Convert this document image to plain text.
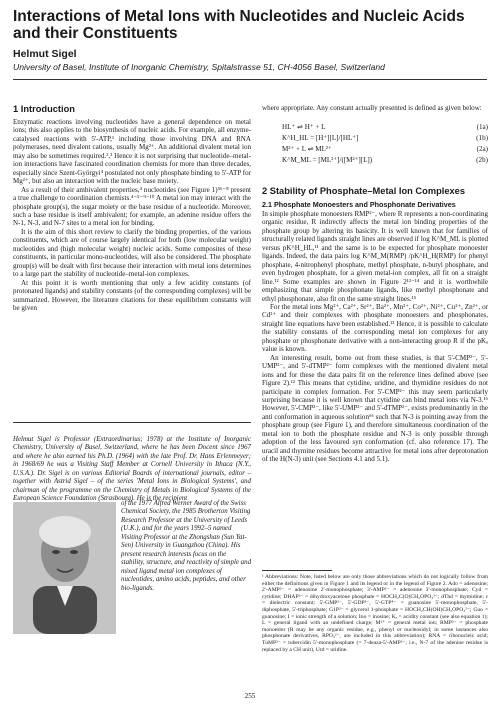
Interactions of Metal Ions with Nucleotides and Nucleic Acids and their Constituents
Helmut Sigel
University of Basel, Institute of Inorganic Chemistry, Spitalstrasse 51, CH-4056 Basel, Switzerland
1 Introduction

Enzymatic reactions involving nucleotides have a general dependence on metal ions; this also applies to the biosynthesis of nucleic acids. For example, all enzyme-catalysed reactions with 5'-ATP,¹ including those involving DNA and RNA polymerases, need divalent cations, usually Mg²⁺. An additional divalent metal ion may also be sometimes required.²,³ Hence it is not surprising that nucleotide–metal-ion interactions have fascinated coordination chemists for more than three decades, especially since Szent-Györgyi⁴ postulated not only phosphate binding to 5'-ATP for Mg²⁺, but also an interaction with the nucleic base moiety.

As a result of their ambivalent properties,⁴ nucleotides (see Figure 1)⁵⁶⁻⁸ present a true challenge to coordination chemists.⁴⁻⁵⁻⁹⁻¹⁰ A metal ion may interact with the phosphate group(s), the sugar moiety or the base residue of a nucleotide. Moreover, such a base residue is itself ambivalent; for example, an adenine residue offers the N-1, N-3, and N-7 sites to a metal ion for binding.

It is the aim of this short review to clarify the binding properties, of the various constituents, which are of course largely identical for both (low molecular weight) nucleotides and (high molecular weight) nucleic acids. Some composites of these constituents, in particular mono-nucleotides, will also be considered. The phosphate group(s) will be dealt with first because their interaction with metal ions determines to a large part the stability of nucleotide–metal-ion complexes.

At this point it is worth mentioning that only a few acidity constants (of protonated ligands) and stability constants (of the corresponding complexes) will be summarized. However, the literature citations for these equilibrium constants will be given

Helmut Sigel is Professor (Extraordinarius; 1978) at the Institute of Inorganic Chemistry, University of Basel, Switzerland, where he has been Docent since 1967 and where he also earned his Ph.D. (1964) with the late Prof. Dr. Hans Erlenmeyer; in 1968/69 he was a Visiting Staff Member at Cornell University in Ithaca (N.Y., U.S.A.). Dr. Sigel is on various Editorial Boards of international journals, editor – together with Astrid Sigel – of the series 'Metal Ions in Biological Systems', and chairman of the programme on the Chemistry of Metals in Biological Systems of the European Science Foundation (Strasbourg). He is the recipient

of the 1977 Alfred Werner Award of the Swiss Chemical Society, the 1985 Brotherton Visiting Research Professor at the University of Leeds (U.K.), and for the years 1992–5 named Visiting Professor at the Zhongshan (Sun Yat-Sen) University in Guangzhou (China). His present research interests focus on the stability, structure, and reactivity of simple and mixed ligand metal ion complexes of nucleotides, amino acids, peptides, and other bio-ligands.

where appropriate. Any constant actually presented is defined as given below:

HL⁺ ⇌ H⁺ + L	(1a)
K^H_HL = [H⁺][L]/[HL⁺]	(1b)
M²⁺ + L ⇌ ML²⁺	(2a)
K^M_ML = [ML²⁺]/([M²⁺][L])	(2b)
2 Stability of Phosphate–Metal Ion Complexes
2.1 Phosphate Monoesters and Phosphonate Derivatives

In simple phosphate monoesters RMP²⁻, where R represents a non-coordinating organic residue, R indirectly affects the metal ion binding properties of the phosphate group by altering its basicity. It is well known that for families of structurally related ligands straight lines are observed if log K^M_ML is plotted versus pK^H_HL,¹¹ and the same is to be expected for phosphate monoester ligands. Indeed, the data pairs log K^M_M(RMP) /pK^H_H(RMP) for phenyl phosphate, 4-nitrophenyl phosphate, methyl phosphate, n-butyl phosphate, and even hydrogen phosphate, for a given metal-ion complex, all fit on a straight line.¹² Some examples are shown in Figure 2¹²⁻¹⁴ and it is worthwhile emphasizing that simple phosphonate ligands, like methyl phosphonate and ethyl phosphonate, also fit on the same straight lines.¹⁵

For the metal ions Mg²⁺, Ca²⁺, Sr²⁺, Ba²⁺, Mn²⁺, Co²⁺, Ni²⁺, Cu²⁺, Zn²⁺, or Cd²⁺ and their complexes with phosphate monoesters and phosphonates, straight line equations have been established.¹³ Hence, it is possible to calculate the stability constants of the corresponding metal ion complexes for any phosphate or phosphonate derivative with a non-interacting group R if the pKₐ value is known.

An interesting result, borne out from these studies, is that 5'-CMP²⁻, 5'-UMP²⁻, and 5'-dTMP²⁻ form complexes with the mentioned divalent metal ions and for these the data pairs fit on the reference lines defined above (see Figure 2).¹² This means that cytidine, uridine, and thymidine residues do not participate in complex formation. For 5'-CMP²⁻ this may seem particularly surprising because it is well known that cytidine can bind metal ions via N-3.¹⁶ However, 5'-CMP²⁻, like 5'-UMP²⁻ and 5'-dTMP²⁻, exists predominantly in the anti conformation in aqueous solution⁶⁶ such that N-3 is pointing away from the phosphate group (see Figure 1), and therefore simultaneous coordination of the metal ion to both the phosphate residue and N-3 is only possible through adoption of the less favoured syn conformation (cf. also reference 17). The uracil and thymine residues become attractive for metal ions after deprotonation of the H(N-3) unit (see Sections 4.1 and 5.1).

¹ Abbreviations: Note, listed below are only those abbreviations which do not logically follow from either the definitions given in Figure 1 and its legend or in the legend of Figure 2. Ado = adenosine; 2'-AMP²⁻ = adenosine 2'-monophosphate; 3'-AMP²⁻ = adenosine 3'-monophosphate; Cyd = cytidine; DHAP²⁻ = dihydroxyacetone phosphate = HOCH₂C(O)CH₂OPO₃²⁻; dThd = thymidine; ε = dielectric constant; 5'-GMP²⁻, 5'-GDP³⁻, 5'-GTP⁴⁻ = guanosine 5'-monophosphate, 5'-diphosphate, 5'-triphosphate; G1P²⁻ = glycerol 1-phosphate = HOCH₂CH(OH)CH₂OPO₃²⁻; Guo = guanosine; I = ionic strength of a solution; Ino = inosine; Kₐ = acidity constant (see also equation 1); L = general ligand with an undefined charge; M²⁺ = general metal ion; RMP²⁻ = phosphate monoester (R may be any organic residue, e.g., phenyl or nucleosidyl; in some instances also phosphonate derivatives, RPO₃²⁻, are included in this abbreviation); RNA = ribonucleic acid; TuMP²⁻ = tubercidin 5'-monophosphate (= 7-deaza-5'-AMP²⁻; i.e., N-7 of the adenine residue is replaced by a CH unit), Urd = uridine.
255
